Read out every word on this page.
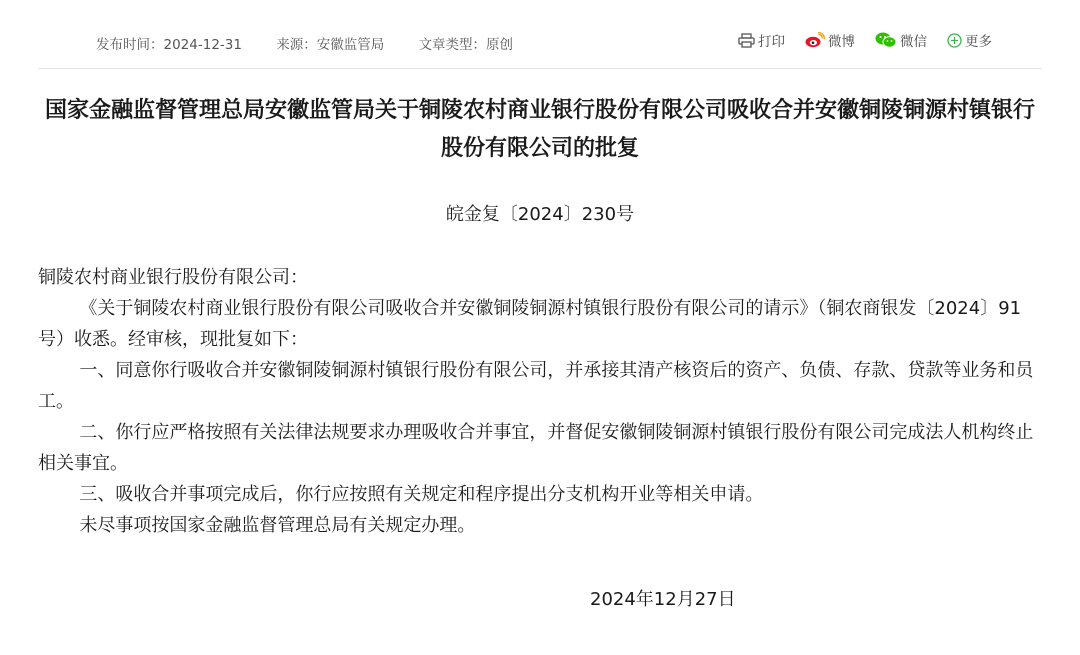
发布时间：2024-12-31	来源：安徽监管局	文章类型：原创	打印	微博	微信	更多
国家金融监督管理总局安徽监管局关于铜陵农村商业银行股份有限公司吸收合并安徽铜陵铜源村镇银行股份有限公司的批复
皖金复〔2024〕230号

铜陵农村商业银行股份有限公司：

《关于铜陵农村商业银行股份有限公司吸收合并安徽铜陵铜源村镇银行股份有限公司的请示》（铜农商银发〔2024〕91号）收悉。经审核，现批复如下：

一、同意你行吸收合并安徽铜陵铜源村镇银行股份有限公司，并承接其清产核资后的资产、负债、存款、贷款等业务和员工。

二、你行应严格按照有关法律法规要求办理吸收合并事宜，并督促安徽铜陵铜源村镇银行股份有限公司完成法人机构终止相关事宜。

三、吸收合并事项完成后，你行应按照有关规定和程序提出分支机构开业等相关申请。

未尽事项按国家金融监督管理总局有关规定办理。

2024年12月27日
